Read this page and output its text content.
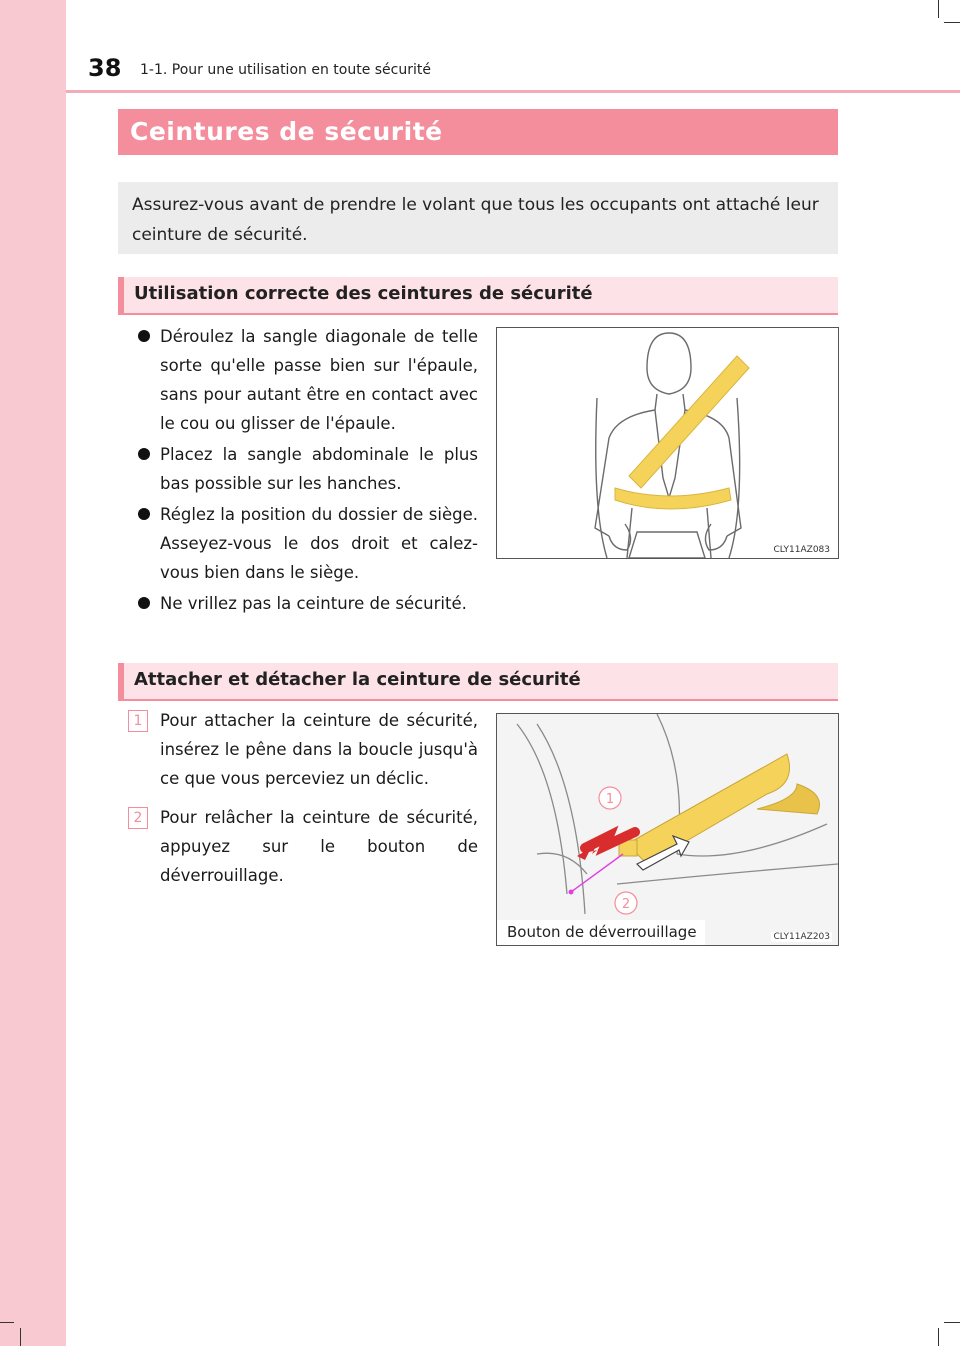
38 1-1. Pour une utilisation en toute sécurité
Ceintures de sécurité

Assurez-vous avant de prendre le volant que tous les occupants ont attaché leur ceinture de sécurité.

Utilisation correcte des ceintures de sécurité
Déroulez la sangle diagonale de telle sorte qu'elle passe bien sur l'épaule, sans pour autant être en contact avec le cou ou glisser de l'épaule.
Placez la sangle abdominale le plus bas possible sur les hanches.
Réglez la position du dossier de siège. Asseyez-vous le dos droit et calez-vous bien dans le siège.
Ne vrillez pas la ceinture de sécurité.
CLY11AZ083
Attacher et détacher la ceinture de sécurité
1	Pour attacher la ceinture de sécurité, insérez le pêne dans la boucle jusqu'à ce que vous perceviez un déclic.
2	Pour relâcher la ceinture de sécurité, appuyez sur le bouton de déverrouillage.
1
2
Bouton de déverrouillage	CLY11AZ203
